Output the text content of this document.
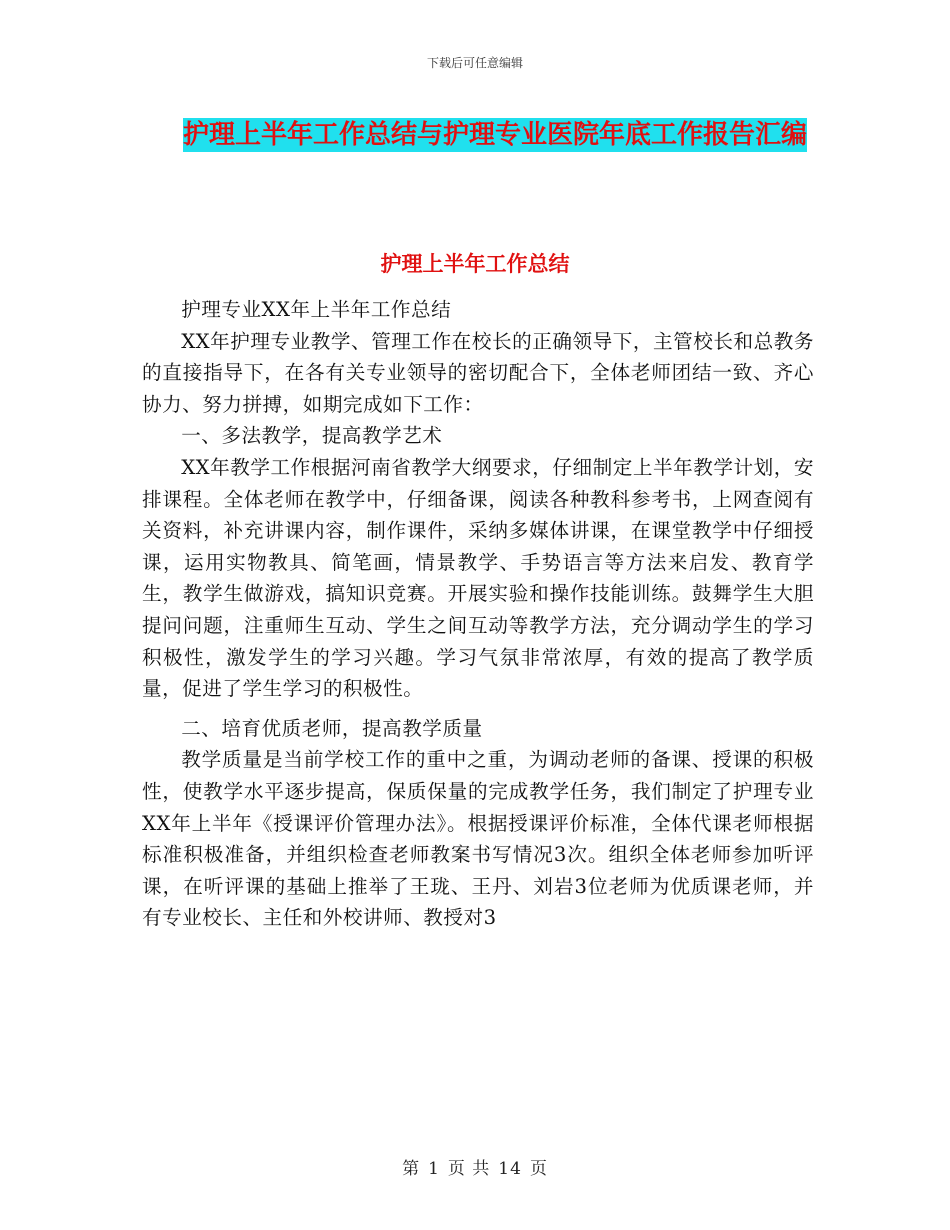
下载后可任意编辑
护理上半年工作总结与护理专业医院年底工作报告汇编
护理上半年工作总结

护理专业XX年上半年工作总结

XX年护理专业教学、管理工作在校长的正确领导下，主管校长和总教务的直接指导下，在各有关专业领导的密切配合下，全体老师团结一致、齐心协力、努力拼搏，如期完成如下工作：

一、多法教学，提高教学艺术

XX年教学工作根据河南省教学大纲要求，仔细制定上半年教学计划，安排课程。全体老师在教学中，仔细备课，阅读各种教科参考书，上网查阅有关资料，补充讲课内容，制作课件，采纳多媒体讲课，在课堂教学中仔细授课，运用实物教具、简笔画，情景教学、手势语言等方法来启发、教育学生，教学生做游戏，搞知识竞赛。开展实验和操作技能训练。鼓舞学生大胆提问问题，注重师生互动、学生之间互动等教学方法，充分调动学生的学习积极性，激发学生的学习兴趣。学习气氛非常浓厚，有效的提高了教学质量，促进了学生学习的积极性。

二、培育优质老师，提高教学质量

教学质量是当前学校工作的重中之重，为调动老师的备课、授课的积极性，使教学水平逐步提高，保质保量的完成教学任务，我们制定了护理专业XX年上半年《授课评价管理办法》。根据授课评价标准，全体代课老师根据标准积极准备，并组织检查老师教案书写情况3次。组织全体老师参加听评课，在听评课的基础上推举了王珑、王丹、刘岩3位老师为优质课老师，并有专业校长、主任和外校讲师、教授对3

第 1 页 共 14 页
